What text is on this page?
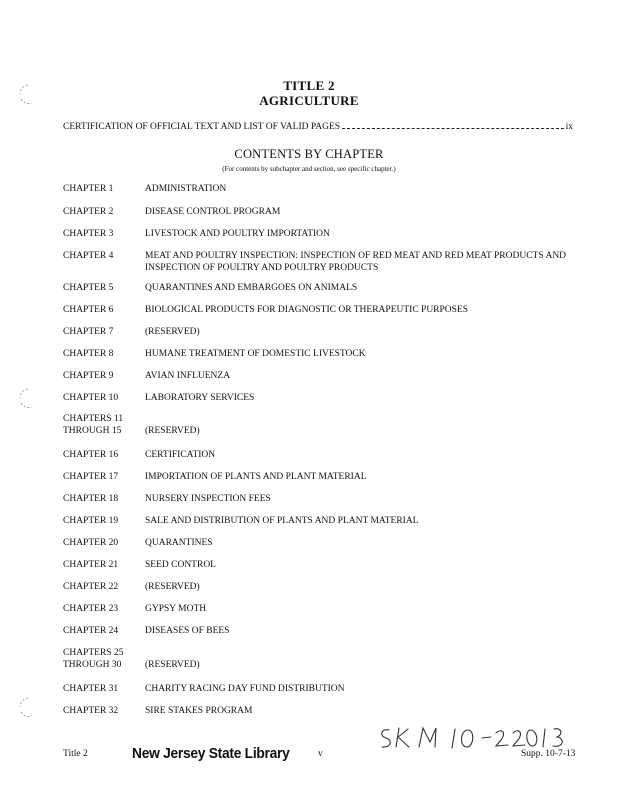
TITLE 2
AGRICULTURE
CERTIFICATION OF OFFICIAL TEXT AND LIST OF VALID PAGES	ix
CONTENTS BY CHAPTER
(For contents by subchapter and section, see specific chapter.)
CHAPTER 1	ADMINISTRATION
CHAPTER 2	DISEASE CONTROL PROGRAM
CHAPTER 3	LIVESTOCK AND POULTRY IMPORTATION
CHAPTER 4	MEAT AND POULTRY INSPECTION: INSPECTION OF RED MEAT AND RED MEAT PRODUCTS AND INSPECTION OF POULTRY AND POULTRY PRODUCTS
CHAPTER 5	QUARANTINES AND EMBARGOES ON ANIMALS
CHAPTER 6	BIOLOGICAL PRODUCTS FOR DIAGNOSTIC OR THERAPEUTIC PURPOSES
CHAPTER 7	(RESERVED)
CHAPTER 8	HUMANE TREATMENT OF DOMESTIC LIVESTOCK
CHAPTER 9	AVIAN INFLUENZA
CHAPTER 10	LABORATORY SERVICES
CHAPTERS 11 THROUGH 15	(RESERVED)
CHAPTER 16	CERTIFICATION
CHAPTER 17	IMPORTATION OF PLANTS AND PLANT MATERIAL
CHAPTER 18	NURSERY INSPECTION FEES
CHAPTER 19	SALE AND DISTRIBUTION OF PLANTS AND PLANT MATERIAL
CHAPTER 20	QUARANTINES
CHAPTER 21	SEED CONTROL
CHAPTER 22	(RESERVED)
CHAPTER 23	GYPSY MOTH
CHAPTER 24	DISEASES OF BEES
CHAPTERS 25 THROUGH 30	(RESERVED)
CHAPTER 31	CHARITY RACING DAY FUND DISTRIBUTION
CHAPTER 32	SIRE STAKES PROGRAM
Title 2	New Jersey State Library	v	Supp. 10-7-13
